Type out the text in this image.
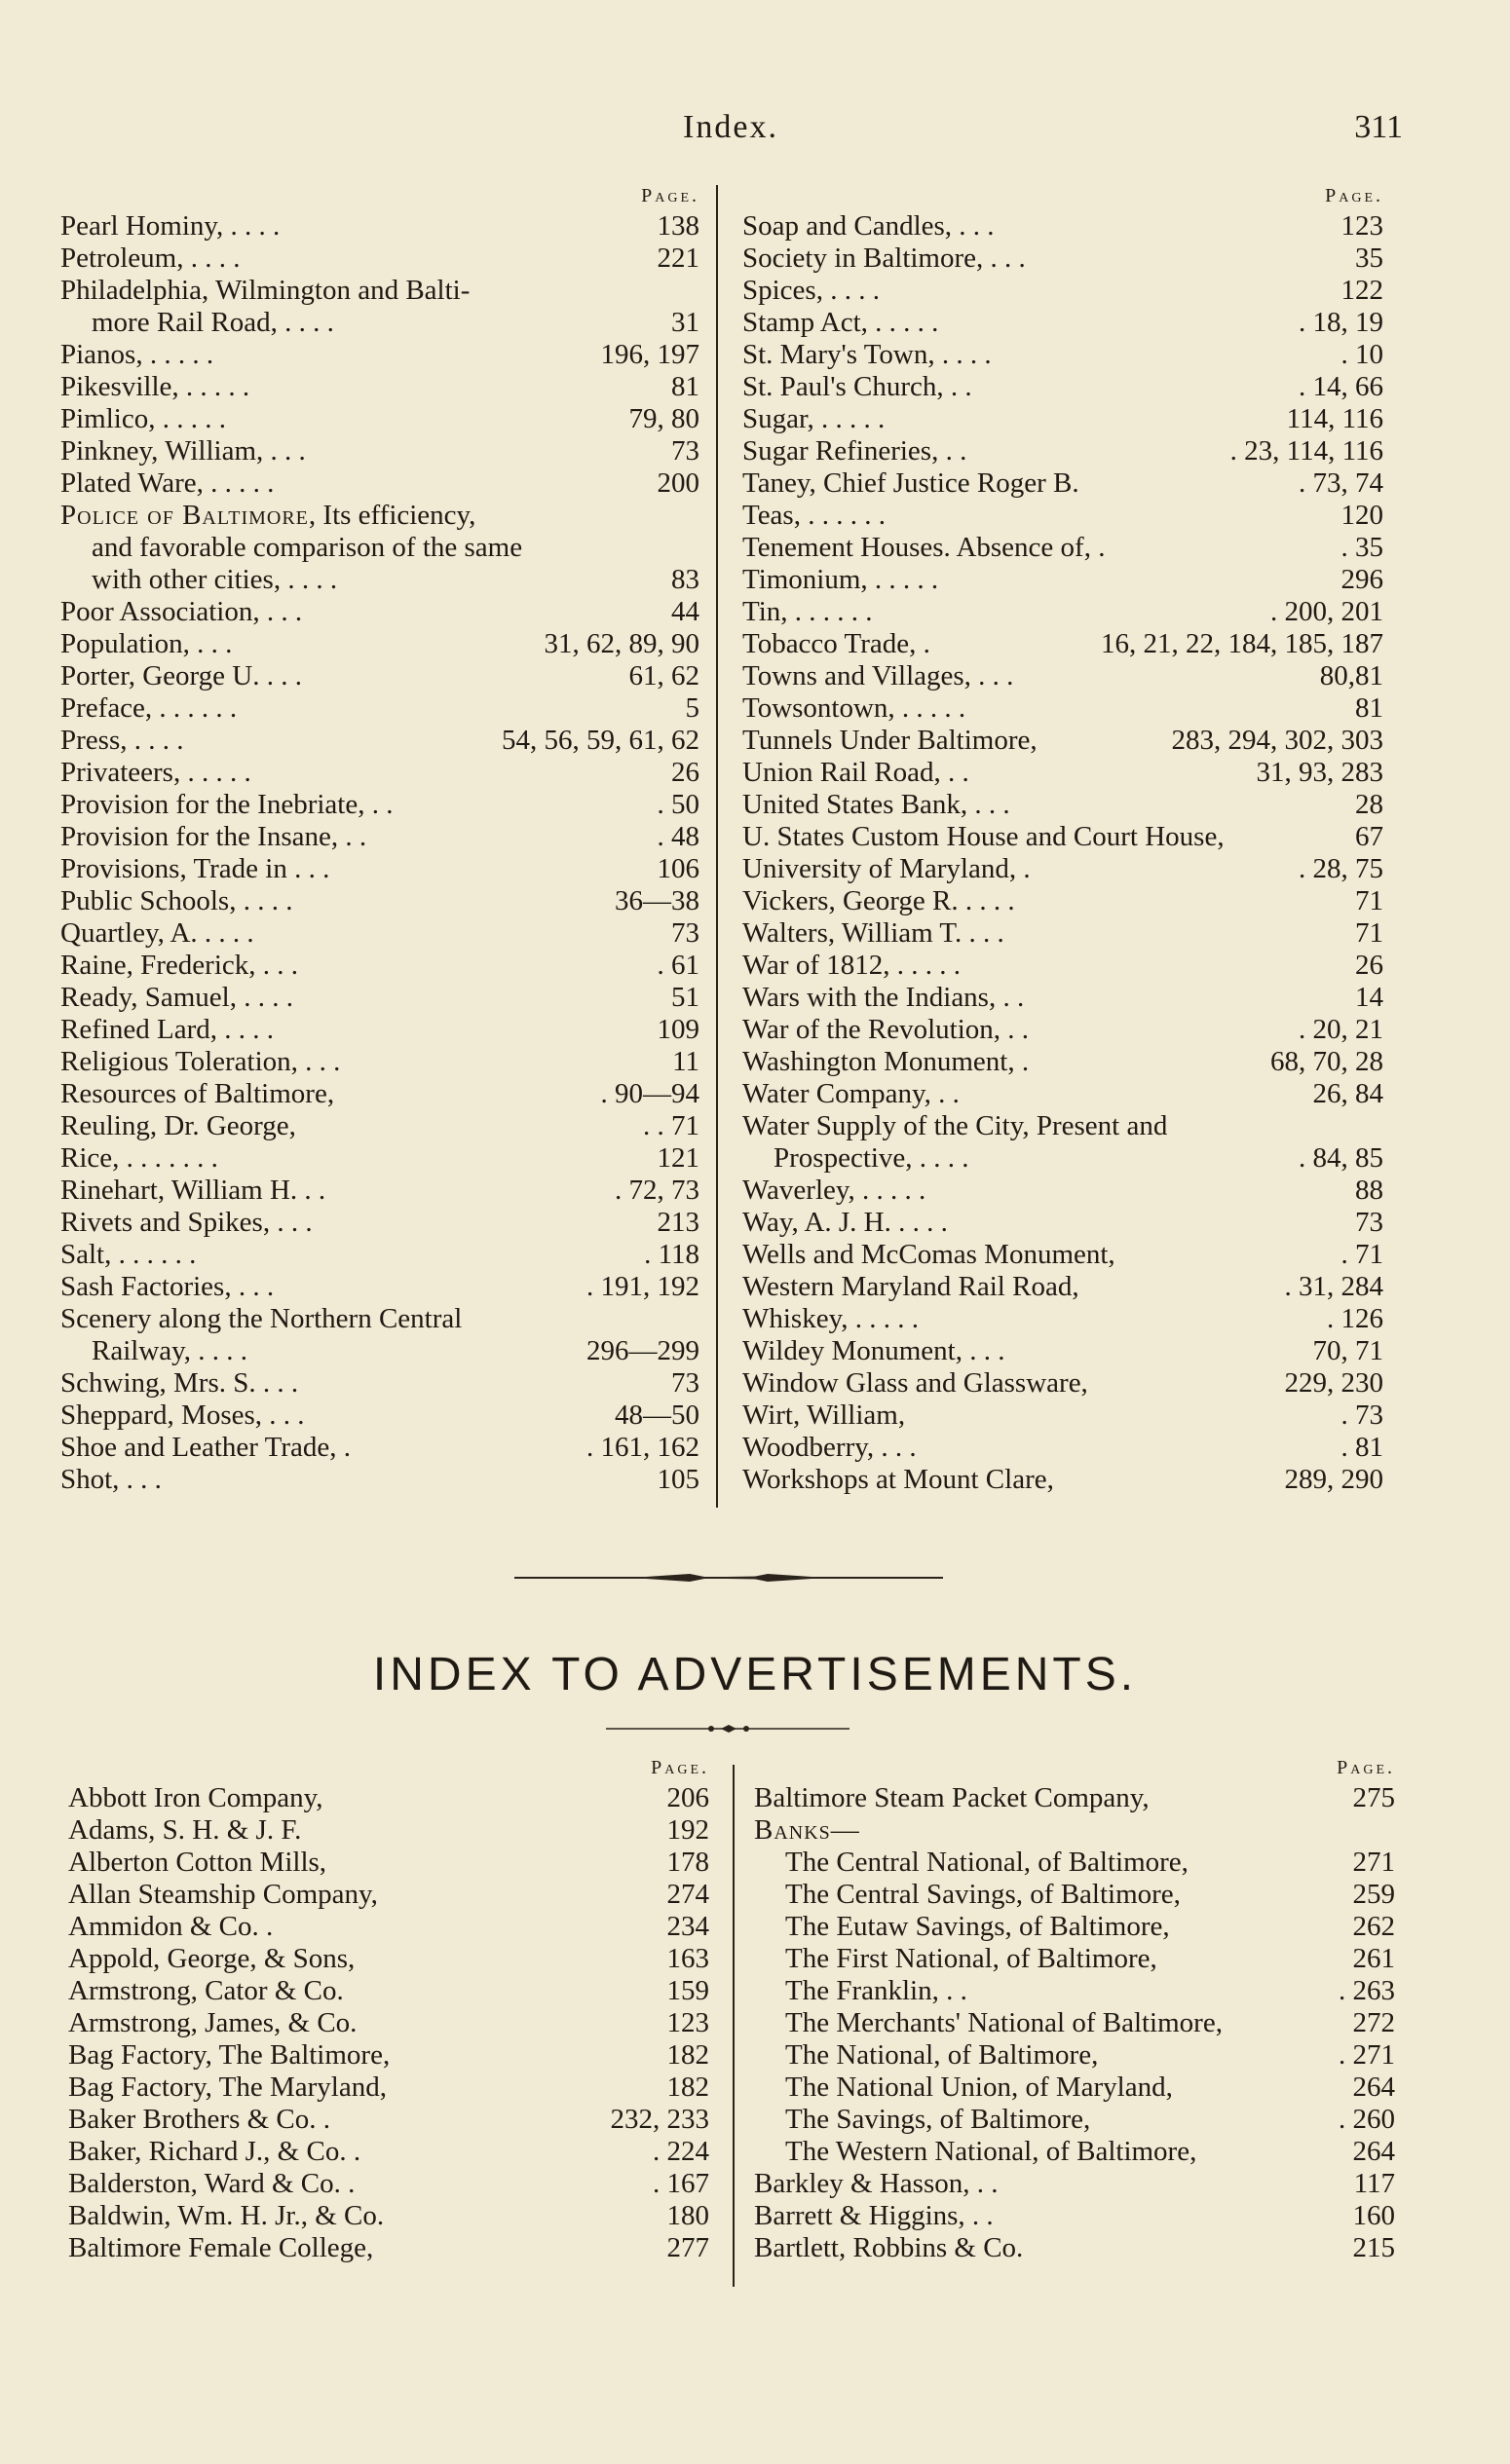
Index.	311
Page.
Pearl Hominy, . . . .	138
Petroleum, . . . .	221
Philadelphia, Wilmington and Balti-
more Rail Road, . . . .	31
Pianos, . . . . .	196, 197
Pikesville, . . . . .	81
Pimlico, . . . . .	79, 80
Pinkney, William, . . .	73
Plated Ware, . . . . .	200
Police of Baltimore, Its efficiency,
and favorable comparison of the same
with other cities, . . . .	83
Poor Association, . . .	44
Population, . . .	31, 62, 89, 90
Porter, George U. . . .	61, 62
Preface, . . . . . .	5
Press, . . . .	54, 56, 59, 61, 62
Privateers, . . . . .	26
Provision for the Inebriate, . .	. 50
Provision for the Insane, . .	. 48
Provisions, Trade in . . .	106
Public Schools, . . . .	36—38
Quartley, A. . . . .	73
Raine, Frederick, . . .	. 61
Ready, Samuel, . . . .	51
Refined Lard, . . . .	109
Religious Toleration, . . .	11
Resources of Baltimore,	. 90—94
Reuling, Dr. George,	. . 71
Rice, . . . . . . .	121
Rinehart, William H. . .	. 72, 73
Rivets and Spikes, . . .	213
Salt, . . . . . .	. 118
Sash Factories, . . .	. 191, 192
Scenery along the Northern Central
Railway, . . . .	296—299
Schwing, Mrs. S. . . .	73
Sheppard, Moses, . . .	48—50
Shoe and Leather Trade, .	. 161, 162
Shot, . . .	105
Page.
Soap and Candles, . . .	123
Society in Baltimore, . . .	35
Spices, . . . .	122
Stamp Act, . . . . .	. 18, 19
St. Mary's Town, . . . .	. 10
St. Paul's Church, . .	. 14, 66
Sugar, . . . . .	114, 116
Sugar Refineries, . .	. 23, 114, 116
Taney, Chief Justice Roger B.	. 73, 74
Teas, . . . . . .	120
Tenement Houses. Absence of, .	. 35
Timonium, . . . . .	296
Tin, . . . . . .	. 200, 201
Tobacco Trade, .	16, 21, 22, 184, 185, 187
Towns and Villages, . . .	80,81
Towsontown, . . . . .	81
Tunnels Under Baltimore,	283, 294, 302, 303
Union Rail Road, . .	31, 93, 283
United States Bank, . . .	28
U. States Custom House and Court House,	67
University of Maryland, .	. 28, 75
Vickers, George R. . . . .	71
Walters, William T. . . .	71
War of 1812, . . . . .	26
Wars with the Indians, . .	14
War of the Revolution, . .	. 20, 21
Washington Monument, .	68, 70, 28
Water Company, . .	26, 84
Water Supply of the City, Present and
Prospective, . . . .	. 84, 85
Waverley, . . . . .	88
Way, A. J. H. . . . .	73
Wells and McComas Monument,	. 71
Western Maryland Rail Road,	. 31, 284
Whiskey, . . . . .	. 126
Wildey Monument, . . .	70, 71
Window Glass and Glassware,	229, 230
Wirt, William,	. 73
Woodberry, . . .	. 81
Workshops at Mount Clare,	289, 290
INDEX TO ADVERTISEMENTS.
Page.
Abbott Iron Company,	206
Adams, S. H. & J. F.	192
Alberton Cotton Mills,	178
Allan Steamship Company,	274
Ammidon & Co. .	234
Appold, George, & Sons,	163
Armstrong, Cator & Co.	159
Armstrong, James, & Co.	123
Bag Factory, The Baltimore,	182
Bag Factory, The Maryland,	182
Baker Brothers & Co. .	232, 233
Baker, Richard J., & Co. .	. 224
Balderston, Ward & Co. .	. 167
Baldwin, Wm. H. Jr., & Co.	180
Baltimore Female College,	277
Page.
Baltimore Steam Packet Company,	275
Banks—
The Central National, of Baltimore,	271
The Central Savings, of Baltimore,	259
The Eutaw Savings, of Baltimore,	262
The First National, of Baltimore,	261
The Franklin, . .	. 263
The Merchants' National of Baltimore,	272
The National, of Baltimore,	. 271
The National Union, of Maryland,	264
The Savings, of Baltimore,	. 260
The Western National, of Baltimore,	264
Barkley & Hasson, . .	117
Barrett & Higgins, . .	160
Bartlett, Robbins & Co.	215
